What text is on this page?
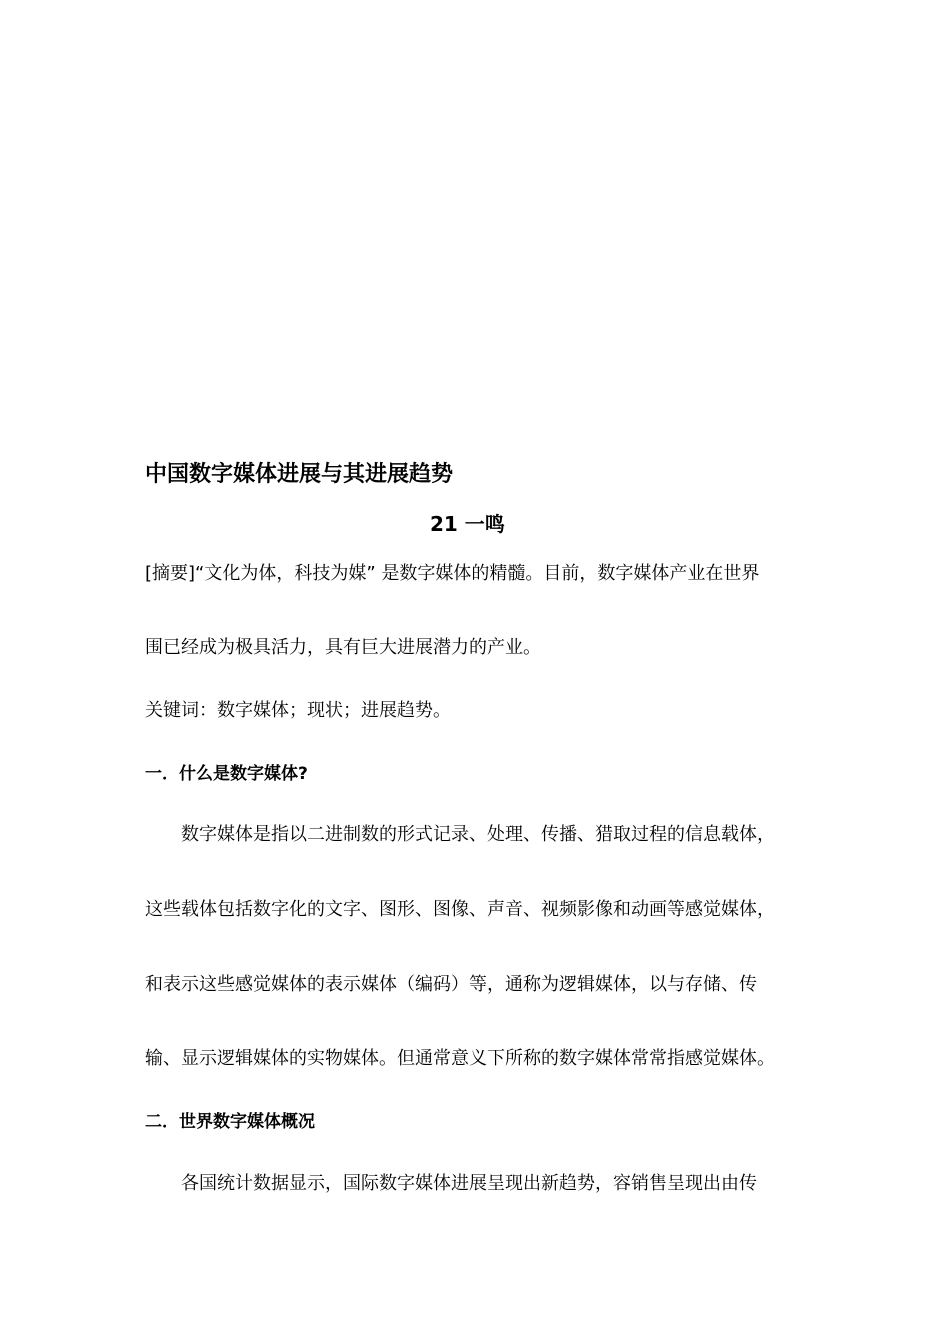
中国数字媒体进展与其进展趋势
21 一鸣
[摘要]“文化为体，科技为媒” 是数字媒体的精髓。目前，数字媒体产业在世界
围已经成为极具活力，具有巨大进展潜力的产业。
关键词：数字媒体；现状；进展趋势。
一．什么是数字媒体?
数字媒体是指以二进制数的形式记录、处理、传播、猎取过程的信息载体，
这些载体包括数字化的文字、图形、图像、声音、视频影像和动画等感觉媒体，
和表示这些感觉媒体的表示媒体（编码）等，通称为逻辑媒体，以与存储、传
输、显示逻辑媒体的实物媒体。但通常意义下所称的数字媒体常常指感觉媒体。
二．世界数字媒体概况
各国统计数据显示，国际数字媒体进展呈现出新趋势，容销售呈现出由传
